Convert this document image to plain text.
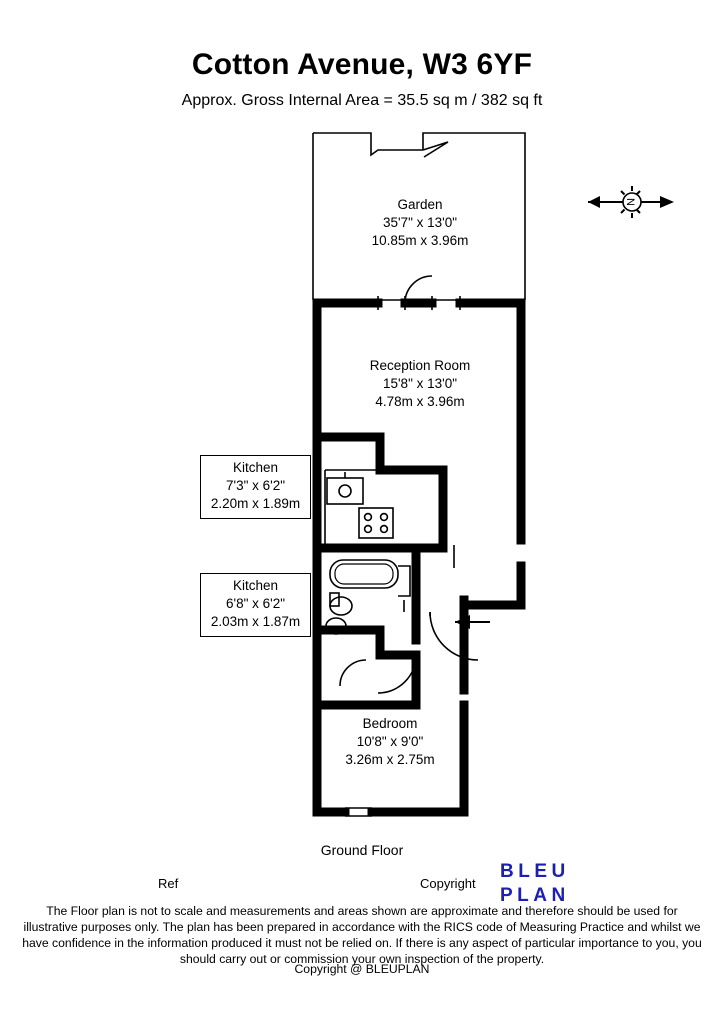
Cotton Avenue, W3 6YF
Approx. Gross Internal Area = 35.5 sq m / 382 sq ft
N
Garden
35'7" x 13'0"
10.85m x 3.96m
Reception Room
15'8" x 13'0"
4.78m x 3.96m
Bedroom
10'8" x 9'0"
3.26m x 2.75m
Kitchen
7'3" x 6'2"
2.20m x 1.89m
Kitchen
6'8" x 6'2"
2.03m x 1.87m
Ground Floor
Ref	Copyright
BLEU
PLAN
The Floor plan is not to scale and measurements and areas shown are approximate and therefore should be used for illustrative purposes only. The plan has been prepared in accordance with the RICS code of Measuring Practice and whilst we have confidence in the information produced it must not be relied on. If there is any aspect of particular importance to you, you should carry out or commission your own inspection of the property.
Copyright @ BLEUPLAN
